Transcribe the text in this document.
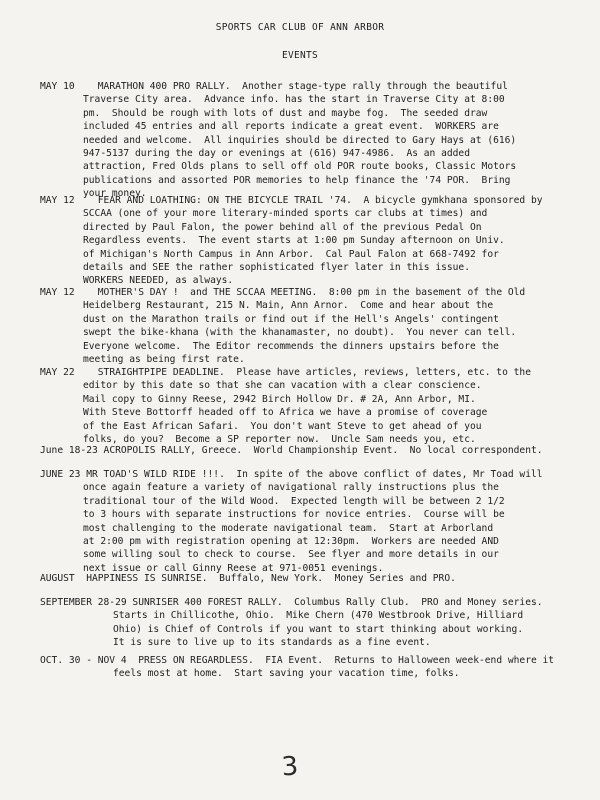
SPORTS CAR CLUB OF ANN ARBOR
EVENTS
MAY 10 MARATHON 400 PRO RALLY.  Another stage-type rally through the beautiful
Traverse City area.  Advance info. has the start in Traverse City at 8:00
pm.  Should be rough with lots of dust and maybe fog.  The seeded draw
included 45 entries and all reports indicate a great event.  WORKERS are
needed and welcome.  All inquiries should be directed to Gary Hays at (616)
947-5137 during the day or evenings at (616) 947-4986.  As an added
attraction, Fred Olds plans to sell off old POR route books, Classic Motors
publications and assorted POR memories to help finance the '74 POR.  Bring
your money.
MAY 12 FEAR AND LOATHING: ON THE BICYCLE TRAIL '74.  A bicycle gymkhana sponsored by
SCCAA (one of your more literary-minded sports car clubs at times) and
directed by Paul Falon, the power behind all of the previous Pedal On
Regardless events.  The event starts at 1:00 pm Sunday afternoon on Univ.
of Michigan's North Campus in Ann Arbor.  Cal Paul Falon at 668-7492 for
details and SEE the rather sophisticated flyer later in this issue.
WORKERS NEEDED, as always.
MAY 12 MOTHER'S DAY !  and THE SCCAA MEETING.  8:00 pm in the basement of the Old
Heidelberg Restaurant, 215 N. Main, Ann Arnor.  Come and hear about the
dust on the Marathon trails or find out if the Hell's Angels' contingent
swept the bike-khana (with the khanamaster, no doubt).  You never can tell.
Everyone welcome.  The Editor recommends the dinners upstairs before the
meeting as being first rate.
MAY 22 STRAIGHTPIPE DEADLINE.  Please have articles, reviews, letters, etc. to the
editor by this date so that she can vacation with a clear conscience.
Mail copy to Ginny Reese, 2942 Birch Hollow Dr. # 2A, Ann Arbor, MI.
With Steve Bottorff headed off to Africa we have a promise of coverage
of the East African Safari.  You don't want Steve to get ahead of you
folks, do you?  Become a SP reporter now.  Uncle Sam needs you, etc.
June 18-23 ACROPOLIS RALLY, Greece.  World Championship Event.  No local correspondent.
JUNE 23 MR TOAD'S WILD RIDE !!!.  In spite of the above conflict of dates, Mr Toad will
once again feature a variety of navigational rally instructions plus the
traditional tour of the Wild Wood.  Expected length will be between 2 1/2
to 3 hours with separate instructions for novice entries.  Course will be
most challenging to the moderate navigational team.  Start at Arborland
at 2:00 pm with registration opening at 12:30pm.  Workers are needed AND
some willing soul to check to course.  See flyer and more details in our
next issue or call Ginny Reese at 971-0051 evenings.
AUGUST HAPPINESS IS SUNRISE.  Buffalo, New York.  Money Series and PRO.
SEPTEMBER 28-29 SUNRISER 400 FOREST RALLY.  Columbus Rally Club.  PRO and Money series.
Starts in Chillicothe, Ohio.  Mike Chern (470 Westbrook Drive, Hilliard
Ohio) is Chief of Controls if you want to start thinking about working.
It is sure to live up to its standards as a fine event.
OCT. 30 - NOV 4 PRESS ON REGARDLESS.  FIA Event.  Returns to Halloween week-end where it
feels most at home.  Start saving your vacation time, folks.
3
